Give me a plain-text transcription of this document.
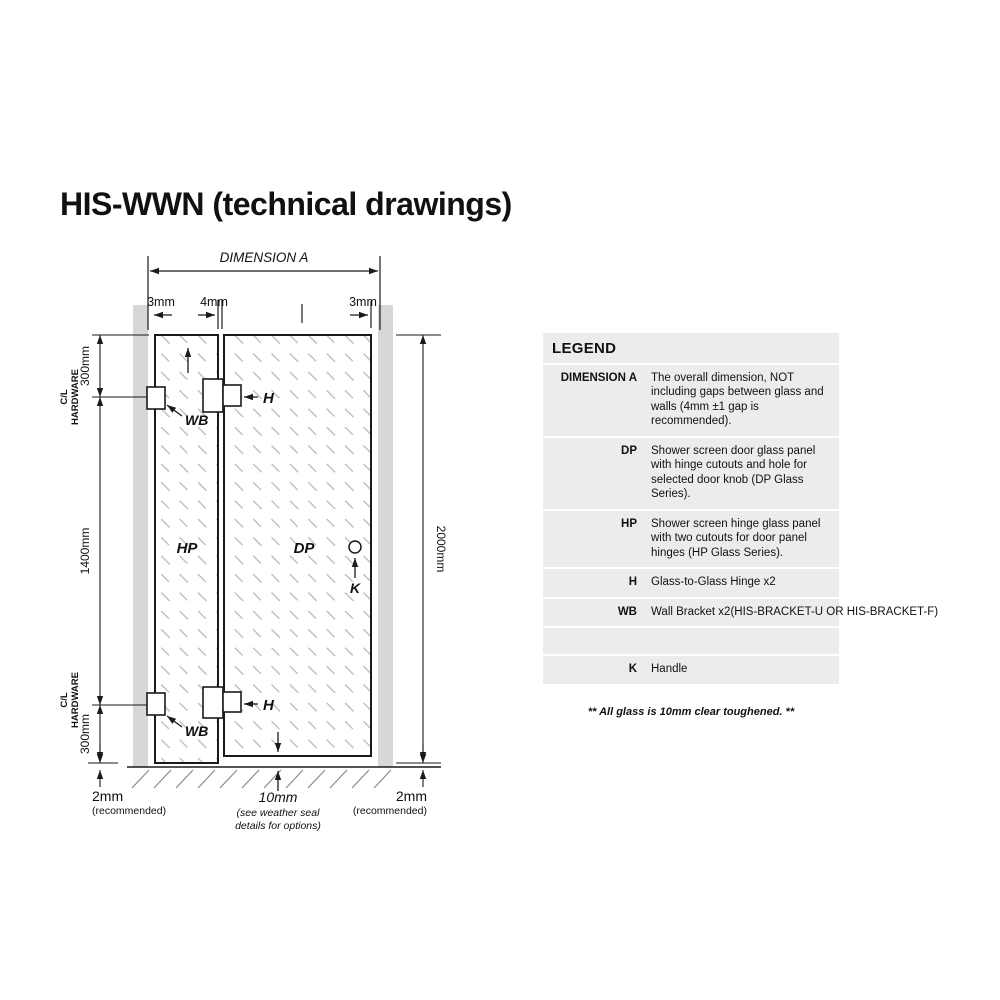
HIS-WWN (technical drawings)
DIMENSION A
3mm 4mm	3mm
300mm
1400mm
300mm
C/L HARDWARE
C/L HARDWARE
2000mm
WB
WB
H
H
HP	DP
K
2mm
(recommended)
10mm
(see weather seal
details for options)
2mm
(recommended)
LEGEND
DIMENSION A The overall dimension, NOT including gaps between glass and walls (4mm ±1 gap is recommended).
DP Shower screen door glass panel with hinge cutouts and hole for selected door knob (DP Glass Series).
HP Shower screen hinge glass panel with two cutouts for door panel hinges (HP Glass Series).
H Glass-to-Glass Hinge x2
WB Wall Bracket x2(HIS-BRACKET-U OR HIS-BRACKET-F)
K Handle
** All glass is 10mm clear toughened. **
